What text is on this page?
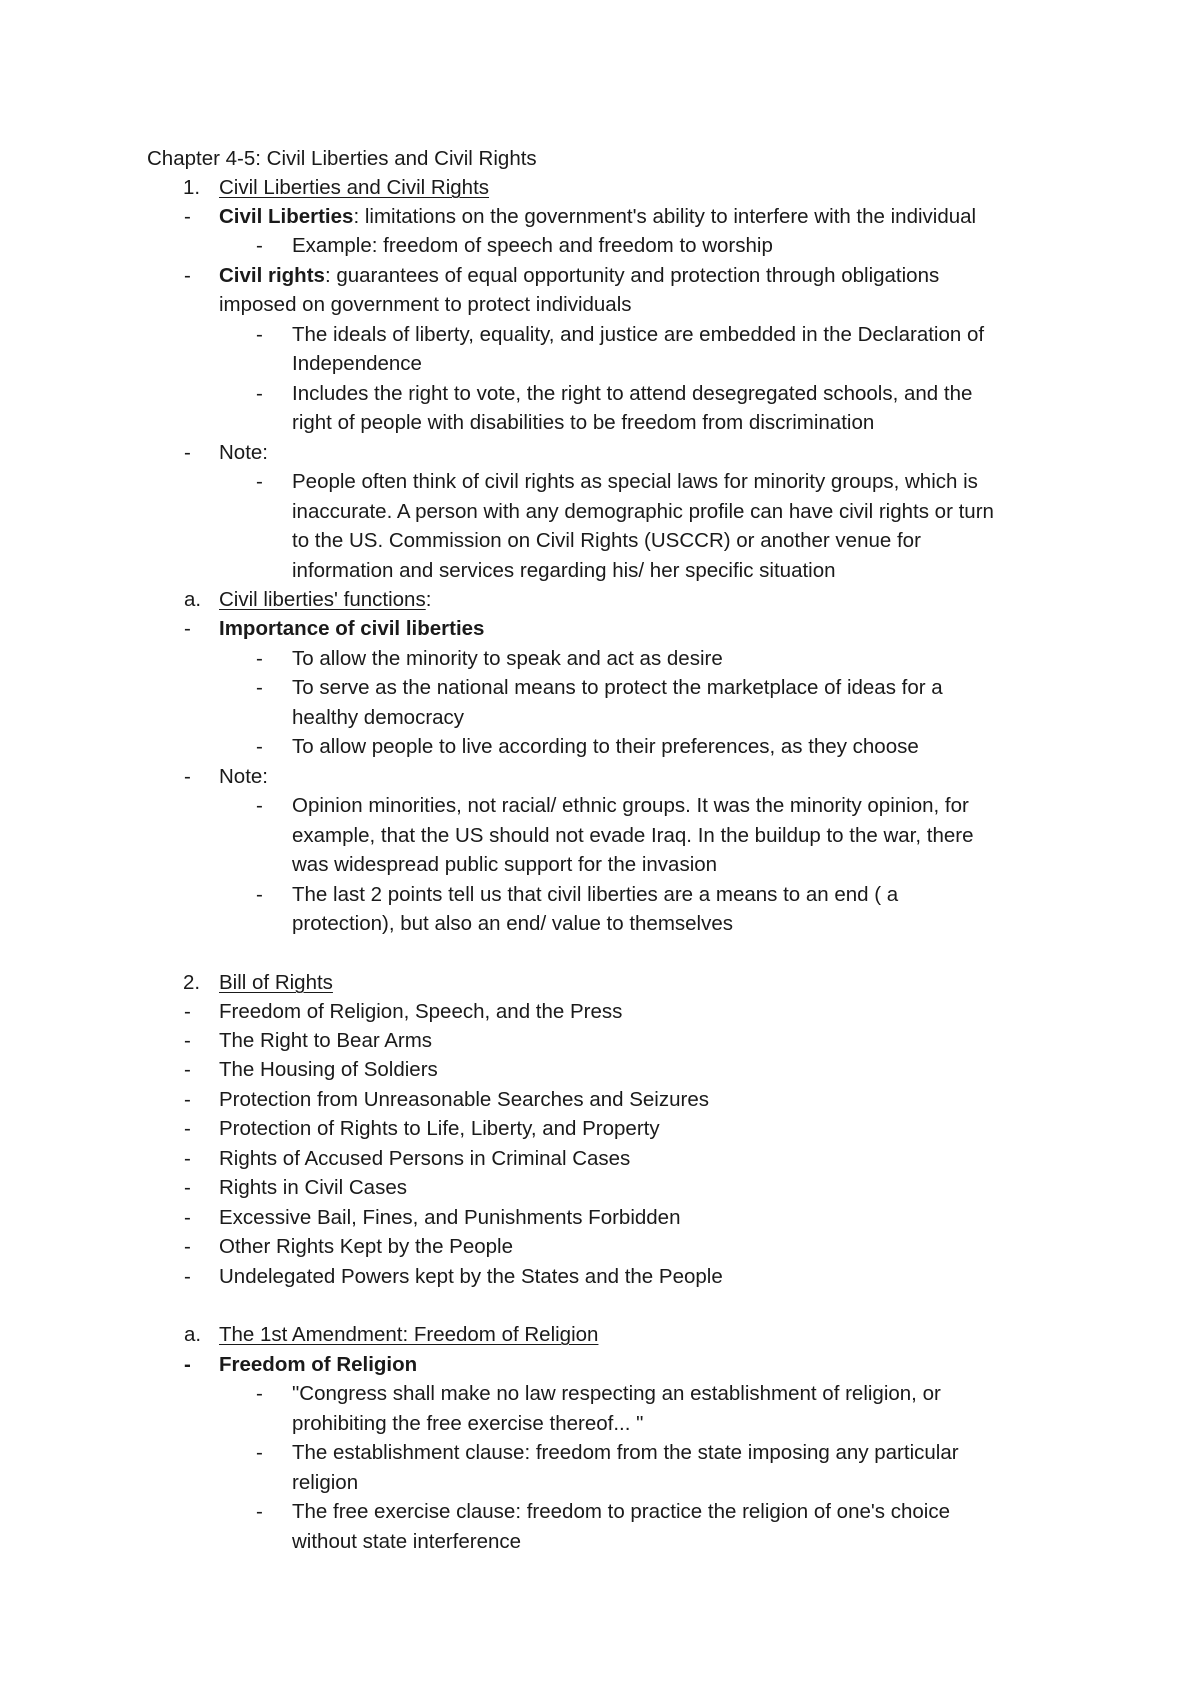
Chapter 4-5: Civil Liberties and Civil Rights
1. Civil Liberties and Civil Rights
- Civil Liberties: limitations on the government's ability to interfere with the individual
- Example: freedom of speech and freedom to worship
- Civil rights: guarantees of equal opportunity and protection through obligations
imposed on government to protect individuals
- The ideals of liberty, equality, and justice are embedded in the Declaration of
Independence
- Includes the right to vote, the right to attend desegregated schools, and the
right of people with disabilities to be freedom from discrimination
- Note:
- People often think of civil rights as special laws for minority groups, which is
inaccurate. A person with any demographic profile can have civil rights or turn
to the US. Commission on Civil Rights (USCCR) or another venue for
information and services regarding his/ her specific situation
a. Civil liberties' functions:
- Importance of civil liberties
- To allow the minority to speak and act as desire
- To serve as the national means to protect the marketplace of ideas for a
healthy democracy
- To allow people to live according to their preferences, as they choose
- Note:
- Opinion minorities, not racial/ ethnic groups. It was the minority opinion, for
example, that the US should not evade Iraq. In the buildup to the war, there
was widespread public support for the invasion
- The last 2 points tell us that civil liberties are a means to an end ( a
protection), but also an end/ value to themselves
2. Bill of Rights
- Freedom of Religion, Speech, and the Press
- The Right to Bear Arms
- The Housing of Soldiers
- Protection from Unreasonable Searches and Seizures
- Protection of Rights to Life, Liberty, and Property
- Rights of Accused Persons in Criminal Cases
- Rights in Civil Cases
- Excessive Bail, Fines, and Punishments Forbidden
- Other Rights Kept by the People
- Undelegated Powers kept by the States and the People
a. The 1st Amendment: Freedom of Religion
- Freedom of Religion
- "Congress shall make no law respecting an establishment of religion, or
prohibiting the free exercise thereof... "
- The establishment clause: freedom from the state imposing any particular
religion
- The free exercise clause: freedom to practice the religion of one's choice
without state interference
